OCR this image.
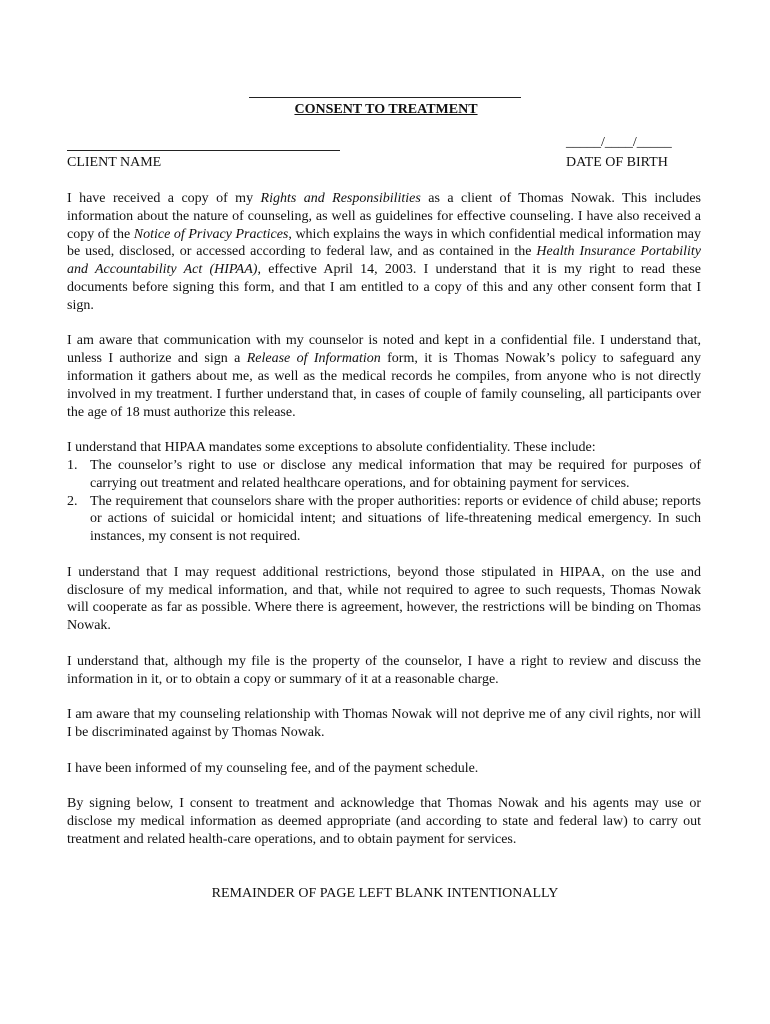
CONSENT TO TREATMENT
CLIENT NAME
_____/____/_____
DATE OF BIRTH

I have received a copy of my Rights and Responsibilities as a client of Thomas Nowak. This includes information about the nature of counseling, as well as guidelines for effective counseling. I have also received a copy of the Notice of Privacy Practices, which explains the ways in which confidential medical information may be used, disclosed, or accessed according to federal law, and as contained in the Health Insurance Portability and Accountability Act (HIPAA), effective April 14, 2003. I understand that it is my right to read these documents before signing this form, and that I am entitled to a copy of this and any other consent form that I sign.

I am aware that communication with my counselor is noted and kept in a confidential file. I understand that, unless I authorize and sign a Release of Information form, it is Thomas Nowak’s policy to safeguard any information it gathers about me, as well as the medical records he compiles, from anyone who is not directly involved in my treatment. I further understand that, in cases of couple of family counseling, all participants over the age of 18 must authorize this release.

I understand that HIPAA mandates some exceptions to absolute confidentiality. These include:

1. The counselor’s right to use or disclose any medical information that may be required for purposes of carrying out treatment and related healthcare operations, and for obtaining payment for services.
2. The requirement that counselors share with the proper authorities: reports or evidence of child abuse; reports or actions of suicidal or homicidal intent; and situations of life-threatening medical emergency. In such instances, my consent is not required.

I understand that I may request additional restrictions, beyond those stipulated in HIPAA, on the use and disclosure of my medical information, and that, while not required to agree to such requests, Thomas Nowak will cooperate as far as possible. Where there is agreement, however, the restrictions will be binding on Thomas Nowak.

I understand that, although my file is the property of the counselor, I have a right to review and discuss the information in it, or to obtain a copy or summary of it at a reasonable charge.

I am aware that my counseling relationship with Thomas Nowak will not deprive me of any civil rights, nor will I be discriminated against by Thomas Nowak.

I have been informed of my counseling fee, and of the payment schedule.

By signing below, I consent to treatment and acknowledge that Thomas Nowak and his agents may use or disclose my medical information as deemed appropriate (and according to state and federal law) to carry out treatment and related health-care operations, and to obtain payment for services.

REMAINDER OF PAGE LEFT BLANK INTENTIONALLY
